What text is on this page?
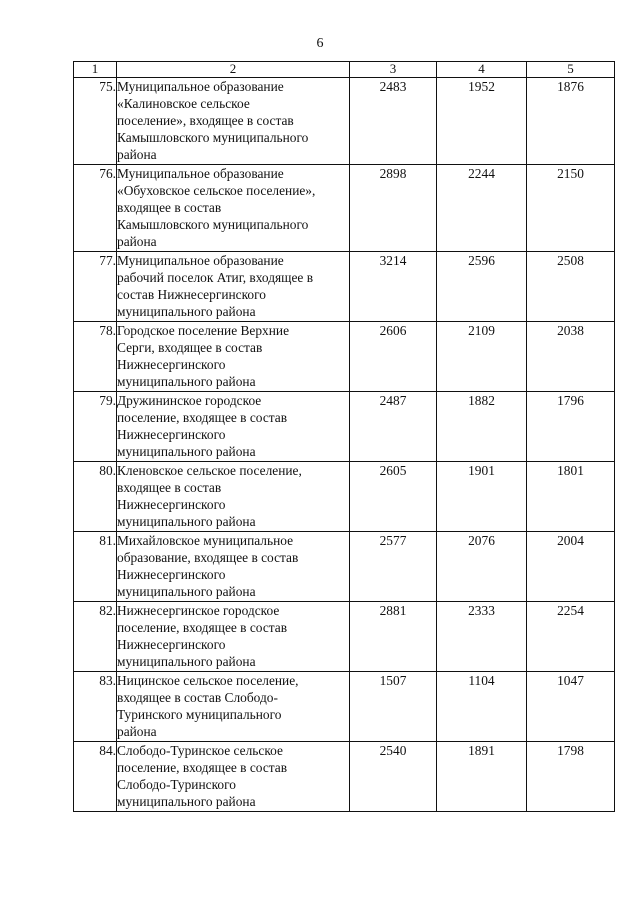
6
1	2	3	4	5
75.	Муниципальное образование
«Калиновское сельское
поселение», входящее в состав
Камышловского муниципального
района	2483	1952	1876
76.	Муниципальное образование
«Обуховское сельское поселение»,
входящее в состав
Камышловского муниципального
района	2898	2244	2150
77.	Муниципальное образование
рабочий поселок Атиг, входящее в
состав Нижнесергинского
муниципального района	3214	2596	2508
78.	Городское поселение Верхние
Серги, входящее в состав
Нижнесергинского
муниципального района	2606	2109	2038
79.	Дружининское городское
поселение, входящее в состав
Нижнесергинского
муниципального района	2487	1882	1796
80.	Кленовское сельское поселение,
входящее в состав
Нижнесергинского
муниципального района	2605	1901	1801
81.	Михайловское муниципальное
образование, входящее в состав
Нижнесергинского
муниципального района	2577	2076	2004
82.	Нижнесергинское городское
поселение, входящее в состав
Нижнесергинского
муниципального района	2881	2333	2254
83.	Ницинское сельское поселение,
входящее в состав Слободо-
Туринского муниципального
района	1507	1104	1047
84.	Слободо-Туринское сельское
поселение, входящее в состав
Слободо-Туринского
муниципального района	2540	1891	1798
